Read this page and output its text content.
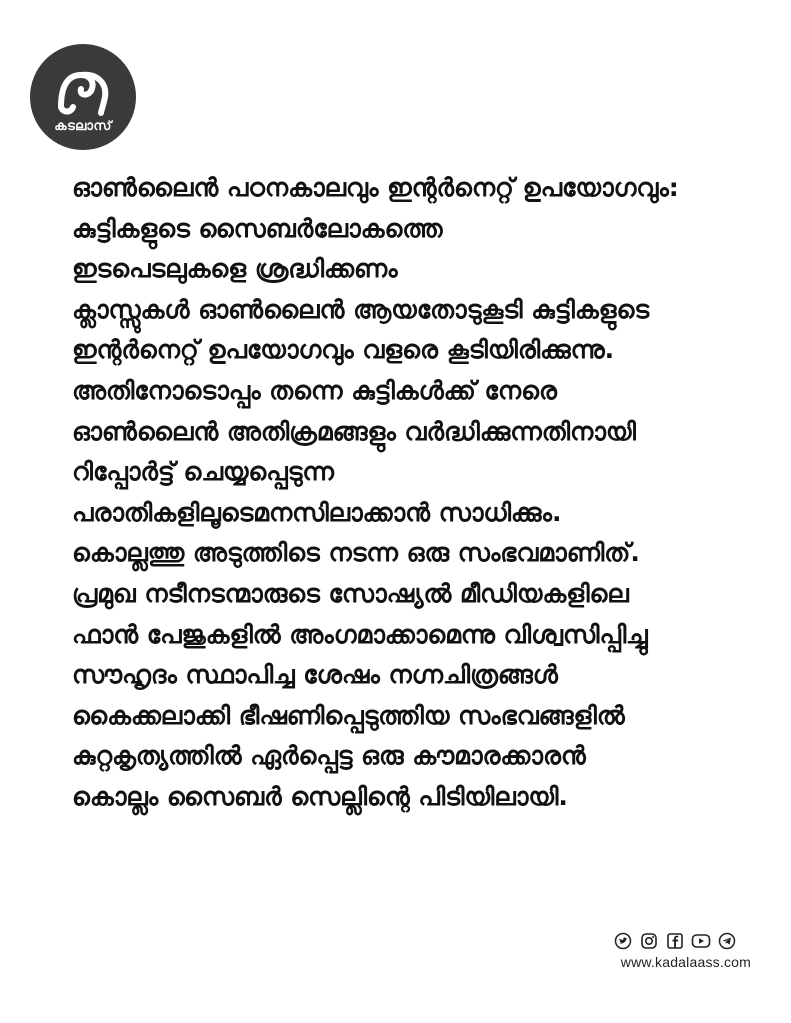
കടലാസ്
ഓൺലൈൻ പഠനകാലവും ഇന്റർനെറ്റ് ഉപയോഗവും:
കുട്ടികളുടെ സൈബർലോകത്തെ
ഇടപെടലുകളെ ശ്രദ്ധിക്കണം
ക്ലാസ്സുകൾ ഓൺലൈൻ ആയതോടുകൂടി കുട്ടികളുടെ
ഇന്റർനെറ്റ് ഉപയോഗവും വളരെ കൂടിയിരിക്കുന്നു.
അതിനോടൊപ്പം തന്നെ കുട്ടികൾക്ക് നേരെ
ഓൺലൈൻ അതിക്രമങ്ങളും വർദ്ധിക്കുന്നതിനായി
റിപ്പോർട്ട് ചെയ്യപ്പെടുന്ന
പരാതികളിലൂടെമനസിലാക്കാൻ സാധിക്കും.
കൊല്ലത്തു അടുത്തിടെ നടന്ന ഒരു സംഭവമാണിത്.
പ്രമുഖ നടീനടന്മാരുടെ സോഷ്യൽ മീഡിയകളിലെ
ഫാൻ പേജുകളിൽ അംഗമാക്കാമെന്നു വിശ്വസിപ്പിച്ചു
സൗഹൃദം സ്ഥാപിച്ച ശേഷം നഗ്നചിത്രങ്ങൾ
കൈക്കലാക്കി ഭീഷണിപ്പെടുത്തിയ സംഭവങ്ങളിൽ
കുറ്റകൃത്യത്തിൽ ഏർപ്പെട്ട ഒരു കൗമാരക്കാരൻ
കൊല്ലം സൈബർ സെല്ലിന്റെ പിടിയിലായി.
www.kadalaass.com
